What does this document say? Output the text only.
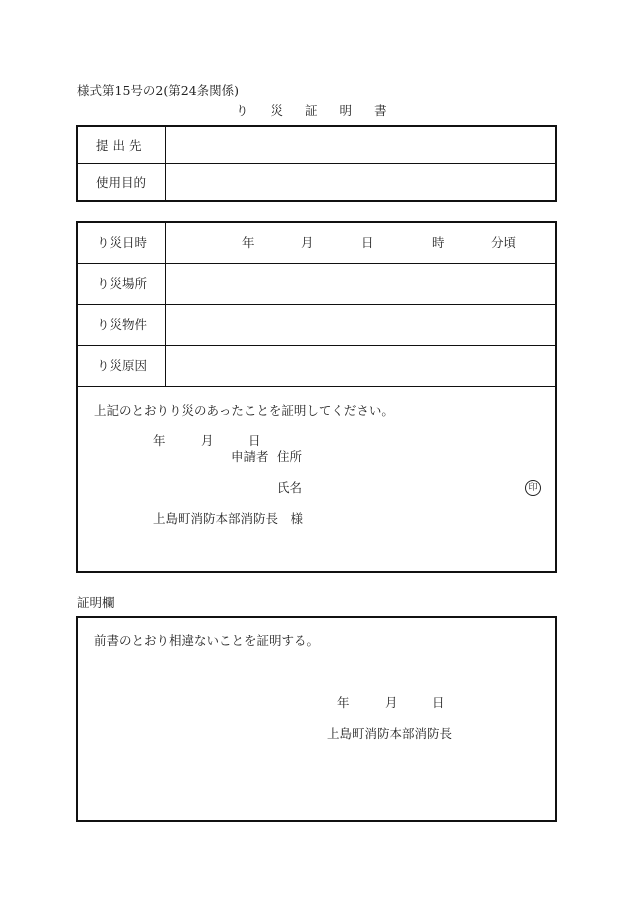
様式第15号の2(第24条関係)
り 災 証 明 書
提 出 先
使用目的
り災日時	年	月	日	時	分頃
り災場所
り災物件
り災原因
上記のとおりり災のあったことを証明してください。
年	月	日
申請者 住所
氏名	印
上島町消防本部消防長　様
証明欄
前書のとおり相違ないことを証明する。
年	月	日
上島町消防本部消防長
